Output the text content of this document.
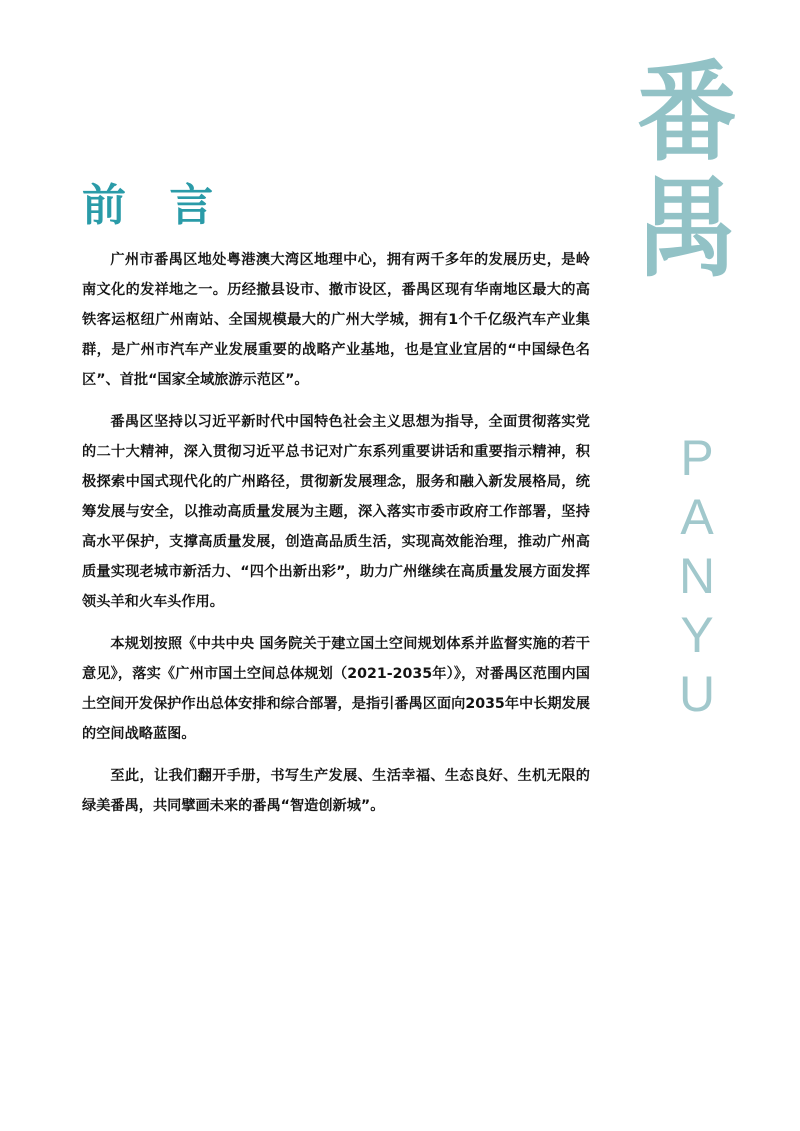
番
禺
PANYU
前 言

广州市番禺区地处粤港澳大湾区地理中心，拥有两千多年的发展历史，是岭南文化的发祥地之一。历经撤县设市、撤市设区，番禺区现有华南地区最大的高铁客运枢纽广州南站、全国规模最大的广州大学城，拥有1个千亿级汽车产业集群，是广州市汽车产业发展重要的战略产业基地，也是宜业宜居的“中国绿色名区”、首批“国家全域旅游示范区”。

番禺区坚持以习近平新时代中国特色社会主义思想为指导，全面贯彻落实党的二十大精神，深入贯彻习近平总书记对广东系列重要讲话和重要指示精神，积极探索中国式现代化的广州路径，贯彻新发展理念，服务和融入新发展格局，统筹发展与安全，以推动高质量发展为主题，深入落实市委市政府工作部署，坚持高水平保护，支撑高质量发展，创造高品质生活，实现高效能治理，推动广州高质量实现老城市新活力、“四个出新出彩”，助力广州继续在高质量发展方面发挥领头羊和火车头作用。

本规划按照《中共中央 国务院关于建立国土空间规划体系并监督实施的若干意见》，落实《广州市国土空间总体规划（2021-2035年）》，对番禺区范围内国土空间开发保护作出总体安排和综合部署，是指引番禺区面向2035年中长期发展的空间战略蓝图。

至此，让我们翻开手册，书写生产发展、生活幸福、生态良好、生机无限的绿美番禺，共同擘画未来的番禺“智造创新城”。
